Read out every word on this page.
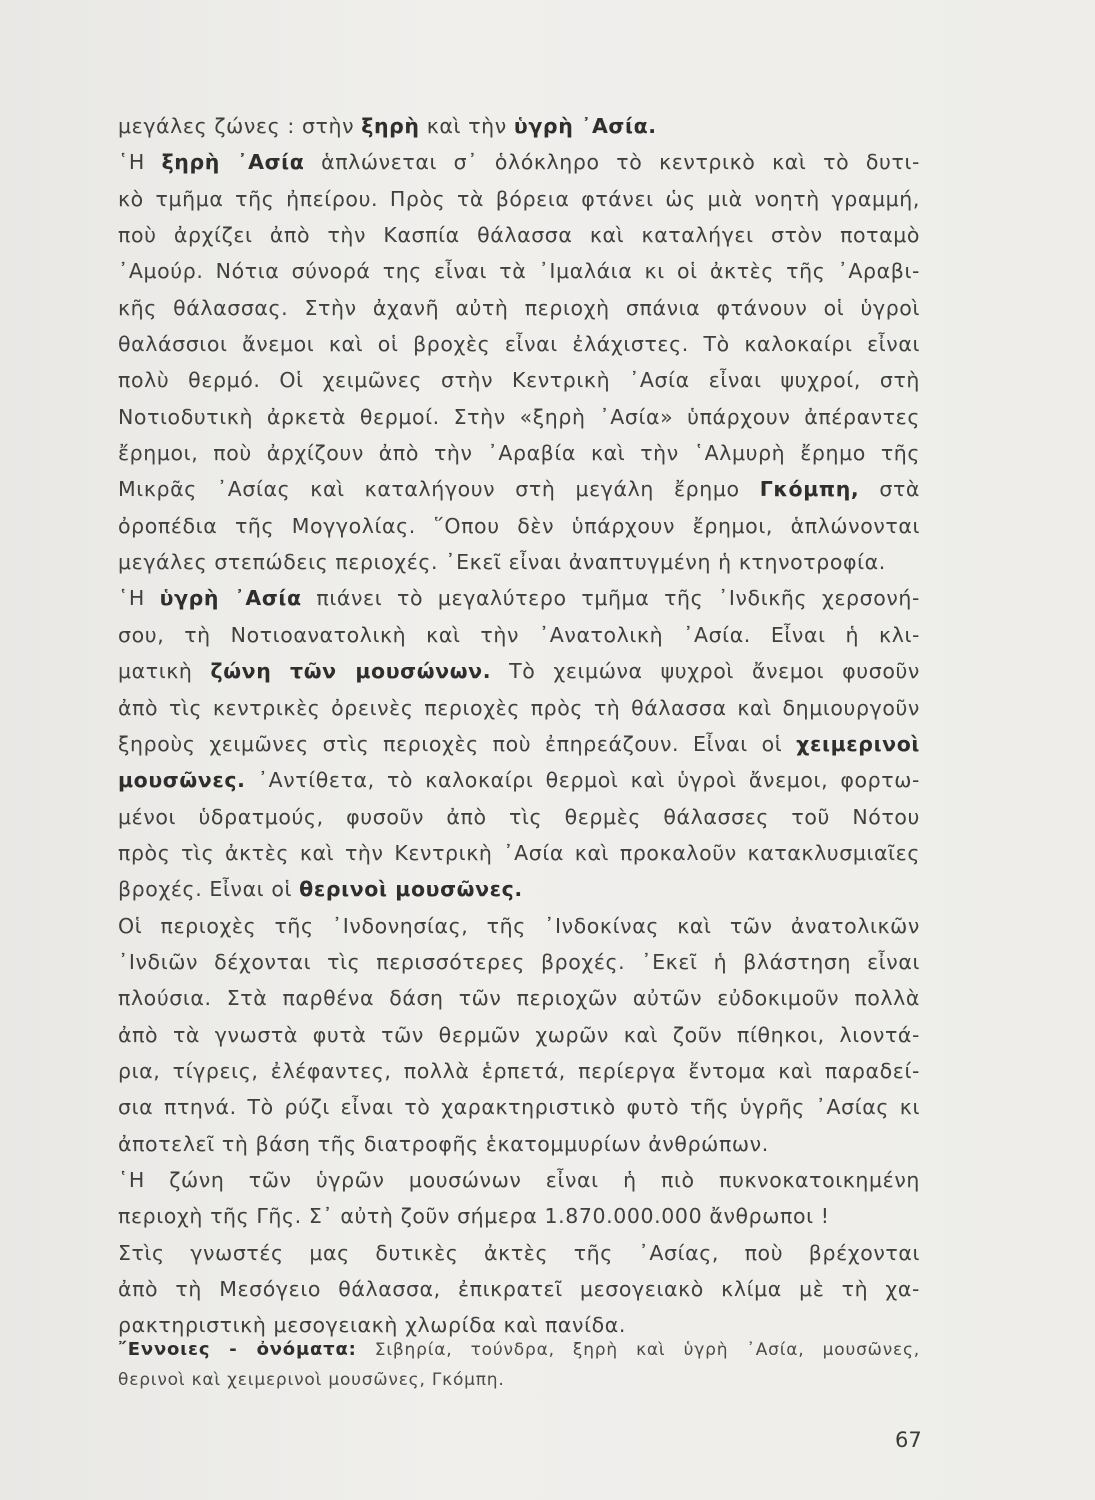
μεγάλες ζώνες : στὴν ξηρὴ καὶ τὴν ὑγρὴ ᾿Ασία.
῾Η ξηρὴ ᾿Ασία ἁπλώνεται σ᾿ ὁλόκληρο τὸ κεντρικὸ καὶ τὸ δυτι-
κὸ τμῆμα τῆς ἠπείρου. Πρὸς τὰ βόρεια φτάνει ὡς μιὰ νοητὴ γραμμή,
ποὺ ἀρχίζει ἀπὸ τὴν Κασπία θάλασσα καὶ καταλήγει στὸν ποταμὸ
᾿Αμούρ. Νότια σύνορά της εἶναι τὰ ᾿Ιμαλάια κι οἱ ἀκτὲς τῆς ᾿Αραβι-
κῆς θάλασσας. Στὴν ἀχανῆ αὐτὴ περιοχὴ σπάνια φτάνουν οἱ ὑγροὶ
θαλάσσιοι ἄνεμοι καὶ οἱ βροχὲς εἶναι ἐλάχιστες. Τὸ καλοκαίρι εἶναι
πολὺ θερμό. Οἱ χειμῶνες στὴν Κεντρικὴ ᾿Ασία εἶναι ψυχροί, στὴ
Νοτιοδυτικὴ ἀρκετὰ θερμοί. Στὴν «ξηρὴ ᾿Ασία» ὑπάρχουν ἀπέραντες
ἔρημοι, ποὺ ἀρχίζουν ἀπὸ τὴν ᾿Αραβία καὶ τὴν ῾Αλμυρὴ ἔρημο τῆς
Μικρᾶς ᾿Ασίας καὶ καταλήγουν στὴ μεγάλη ἔρημο Γκόμπη, στὰ
ὀροπέδια τῆς Μογγολίας. ῞Οπου δὲν ὑπάρχουν ἔρημοι, ἁπλώνονται
μεγάλες στεπώδεις περιοχές. ᾿Εκεῖ εἶναι ἀναπτυγμένη ἡ κτηνοτροφία.
῾Η ὑγρὴ ᾿Ασία πιάνει τὸ μεγαλύτερο τμῆμα τῆς ᾿Ινδικῆς χερσονή-
σου, τὴ Νοτιοανατολικὴ καὶ τὴν ᾿Ανατολικὴ ᾿Ασία. Εἶναι ἡ κλι-
ματικὴ ζώνη τῶν μουσώνων. Τὸ χειμώνα ψυχροὶ ἄνεμοι φυσοῦν
ἀπὸ τὶς κεντρικὲς ὀρεινὲς περιοχὲς πρὸς τὴ θάλασσα καὶ δημιουργοῦν
ξηροὺς χειμῶνες στὶς περιοχὲς ποὺ ἐπηρεάζουν. Εἶναι οἱ χειμερινοὶ
μουσῶνες. ᾿Αντίθετα, τὸ καλοκαίρι θερμοὶ καὶ ὑγροὶ ἄνεμοι, φορτω-
μένοι ὑδρατμούς, φυσοῦν ἀπὸ τὶς θερμὲς θάλασσες τοῦ Νότου
πρὸς τὶς ἀκτὲς καὶ τὴν Κεντρικὴ ᾿Ασία καὶ προκαλοῦν κατακλυσμιαῖες
βροχές. Εἶναι οἱ θερινοὶ μουσῶνες.
Οἱ περιοχὲς τῆς ᾿Ινδονησίας, τῆς ᾿Ινδοκίνας καὶ τῶν ἀνατολικῶν
᾿Ινδιῶν δέχονται τὶς περισσότερες βροχές. ᾿Εκεῖ ἡ βλάστηση εἶναι
πλούσια. Στὰ παρθένα δάση τῶν περιοχῶν αὐτῶν εὐδοκιμοῦν πολλὰ
ἀπὸ τὰ γνωστὰ φυτὰ τῶν θερμῶν χωρῶν καὶ ζοῦν πίθηκοι, λιοντά-
ρια, τίγρεις, ἐλέφαντες, πολλὰ ἑρπετά, περίεργα ἔντομα καὶ παραδεί-
σια πτηνά. Τὸ ρύζι εἶναι τὸ χαρακτηριστικὸ φυτὸ τῆς ὑγρῆς ᾿Ασίας κι
ἀποτελεῖ τὴ βάση τῆς διατροφῆς ἑκατομμυρίων ἀνθρώπων.
῾Η ζώνη τῶν ὑγρῶν μουσώνων εἶναι ἡ πιὸ πυκνοκατοικημένη
περιοχὴ τῆς Γῆς. Σ᾿ αὐτὴ ζοῦν σήμερα 1.870.000.000 ἄνθρωποι !
Στὶς γνωστές μας δυτικὲς ἀκτὲς τῆς ᾿Ασίας, ποὺ βρέχονται
ἀπὸ τὴ Μεσόγειο θάλασσα, ἐπικρατεῖ μεσογειακὸ κλίμα μὲ τὴ χα-
ρακτηριστικὴ μεσογειακὴ χλωρίδα καὶ πανίδα.
῎Εννοιες - ὀνόματα: Σιβηρία, τούνδρα, ξηρὴ καὶ ὑγρὴ ᾿Ασία, μουσῶνες,
θερινοὶ καὶ χειμερινοὶ μουσῶνες, Γκόμπη.
67
